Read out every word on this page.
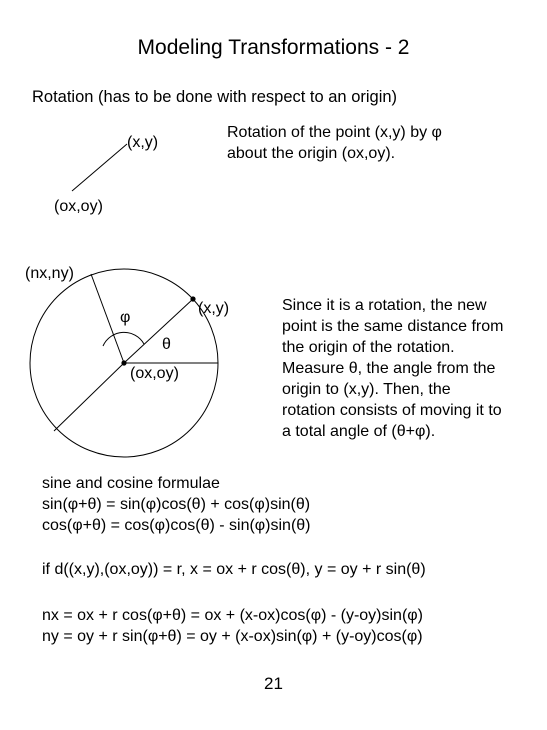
Modeling Transformations - 2
Rotation (has to be done with respect to an origin)
(x,y)
(ox,oy)
Rotation of the point (x,y) by φ
about the origin (ox,oy).
(nx,ny)
(x,y)
φ
θ
(ox,oy)
Since it is a rotation, the new
point is the same distance from
the origin of the rotation.
Measure θ, the angle from the
origin to (x,y). Then, the
rotation consists of moving it to
a total angle of (θ+φ).
sine and cosine formulae
sin(φ+θ) = sin(φ)cos(θ) + cos(φ)sin(θ)
cos(φ+θ) = cos(φ)cos(θ) - sin(φ)sin(θ)
if d((x,y),(ox,oy)) = r, x = ox + r cos(θ), y = oy + r sin(θ)
nx = ox + r cos(φ+θ) = ox + (x-ox)cos(φ) - (y-oy)sin(φ)
ny = oy + r sin(φ+θ) = oy + (x-ox)sin(φ) + (y-oy)cos(φ)
21
